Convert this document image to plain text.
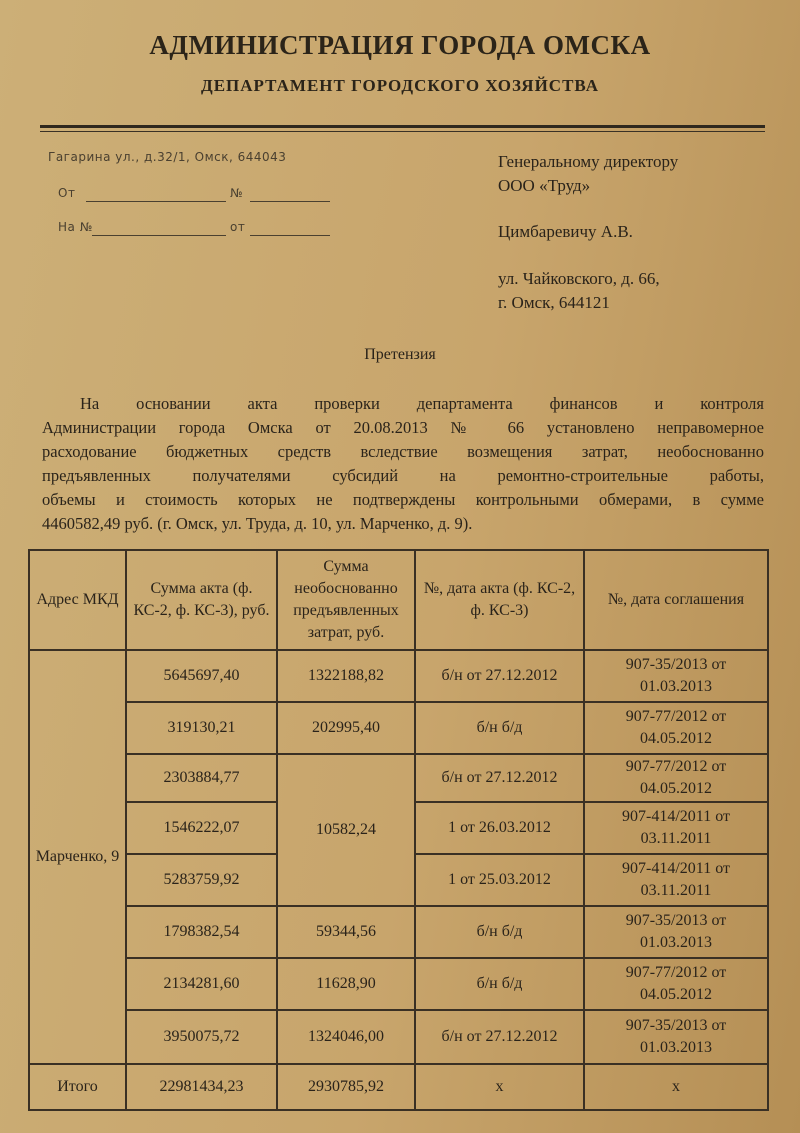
АДМИНИСТРАЦИЯ ГОРОДА ОМСКА
ДЕПАРТАМЕНТ ГОРОДСКОГО ХОЗЯЙСТВА
Гагарина ул., д.32/1, Омск, 644043
От	№
На №	от
Генеральному директору
ООО «Труд»
Цимбаревичу А.В.
ул. Чайковского, д. 66,
г. Омск, 644121
Претензия
На основании акта проверки департамента финансов и контроля
Администрации города Омска от 20.08.2013 № 66 установлено неправомерное
расходование бюджетных средств вследствие возмещения затрат, необоснованно
предъявленных получателями субсидий на ремонтно-строительные работы,
объемы и стоимость которых не подтверждены контрольными обмерами, в сумме
4460582,49 руб. (г. Омск, ул. Труда, д. 10, ул. Марченко, д. 9).
Адрес МКД	Сумма акта (ф. КС-2, ф. КС-3), руб.	Сумма необоснованно предъявленных затрат, руб.	№, дата акта (ф. КС-2, ф. КС-3)	№, дата соглашения
Марченко, 9	5645697,40	1322188,82	б/н от 27.12.2012	907-35/2013 от 01.03.2013
	319130,21	202995,40	б/н б/д	907-77/2012 от 04.05.2012
	2303884,77	10582,24	б/н от 27.12.2012	907-77/2012 от 04.05.2012
	1546222,07		1 от 26.03.2012	907-414/2011 от 03.11.2011
	5283759,92		1 от 25.03.2012	907-414/2011 от 03.11.2011
	1798382,54	59344,56	б/н б/д	907-35/2013 от 01.03.2013
	2134281,60	11628,90	б/н б/д	907-77/2012 от 04.05.2012
	3950075,72	1324046,00	б/н от 27.12.2012	907-35/2013 от 01.03.2013
Итого	22981434,23	2930785,92	х	х
